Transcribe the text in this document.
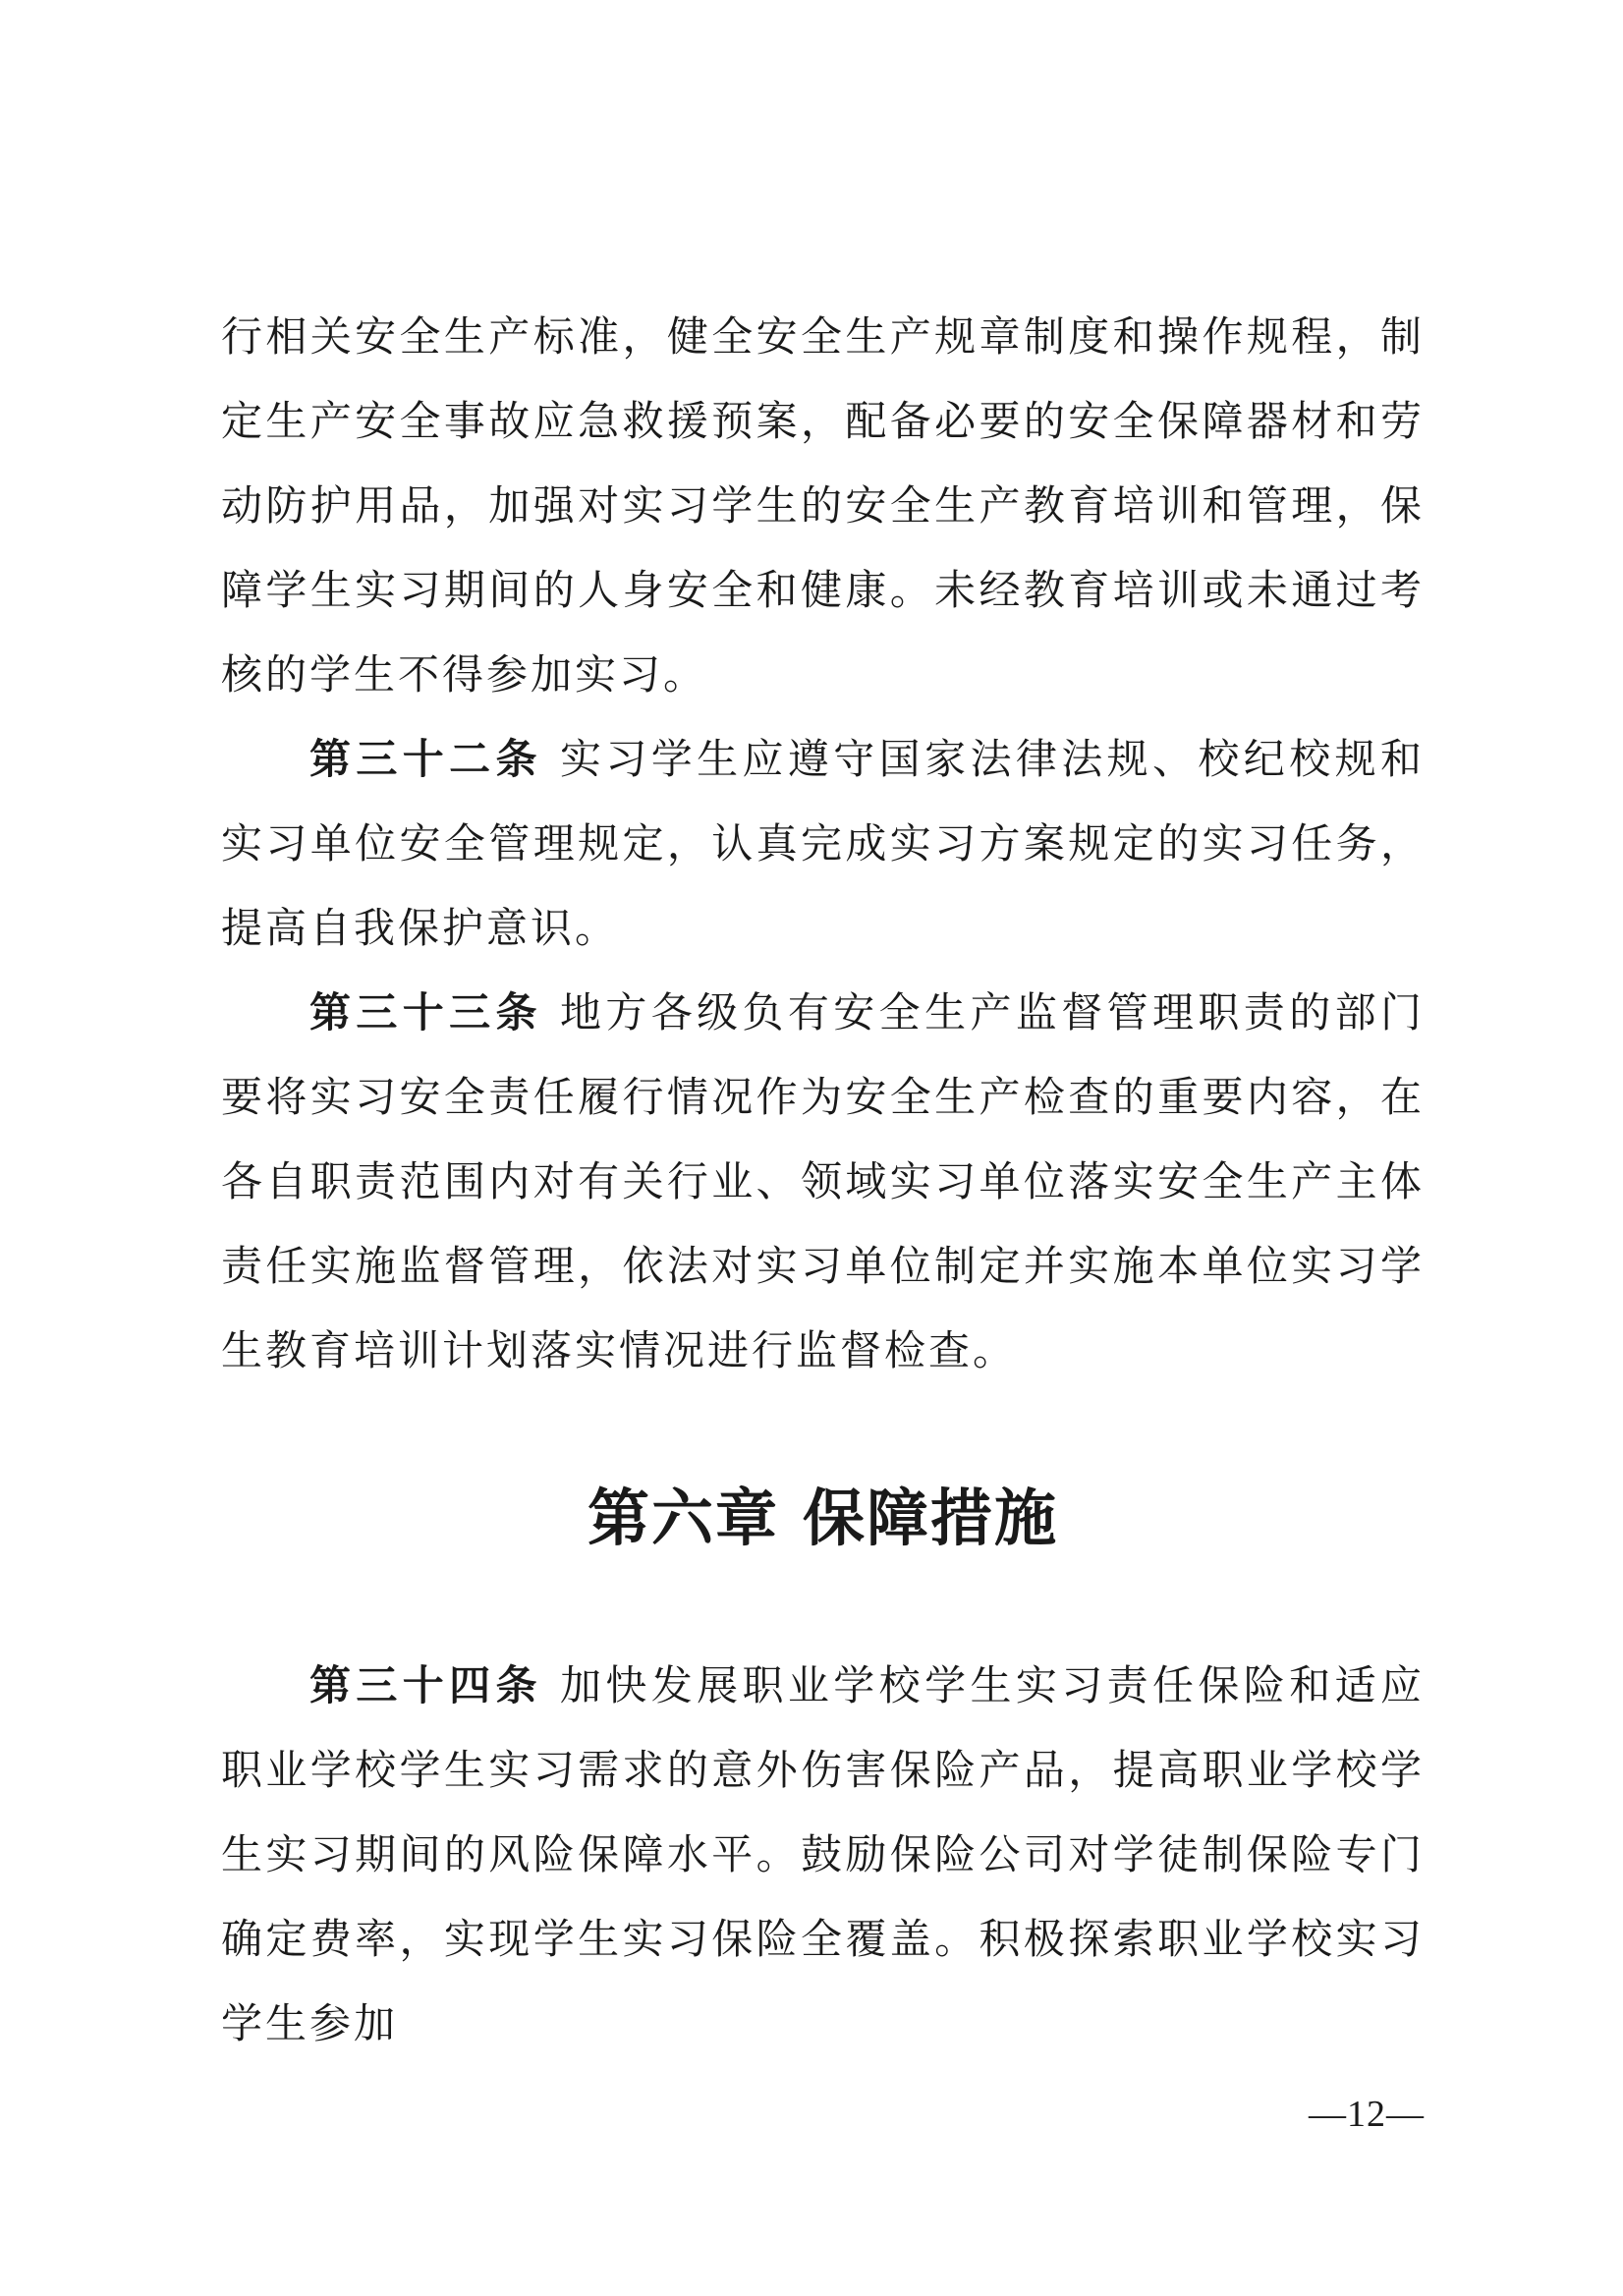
行相关安全生产标准，健全安全生产规章制度和操作规程，制定生产安全事故应急救援预案，配备必要的安全保障器材和劳动防护用品，加强对实习学生的安全生产教育培训和管理，保障学生实习期间的人身安全和健康。未经教育培训或未通过考核的学生不得参加实习。

第三十二条 实习学生应遵守国家法律法规、校纪校规和实习单位安全管理规定，认真完成实习方案规定的实习任务，提高自我保护意识。

第三十三条 地方各级负有安全生产监督管理职责的部门要将实习安全责任履行情况作为安全生产检查的重要内容，在各自职责范围内对有关行业、领域实习单位落实安全生产主体责任实施监督管理，依法对实习单位制定并实施本单位实习学生教育培训计划落实情况进行监督检查。

第六章 保障措施

第三十四条 加快发展职业学校学生实习责任保险和适应职业学校学生实习需求的意外伤害保险产品，提高职业学校学生实习期间的风险保障水平。鼓励保险公司对学徒制保险专门确定费率，实现学生实习保险全覆盖。积极探索职业学校实习学生参加

—12—
